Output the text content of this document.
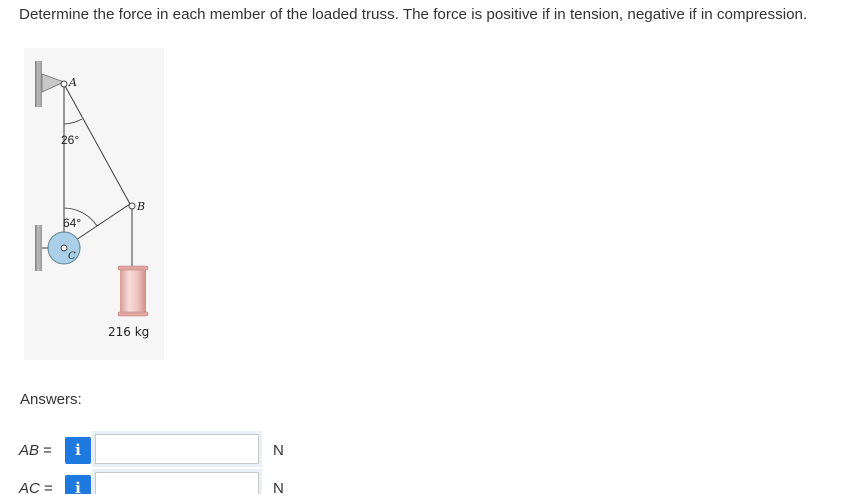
Determine the force in each member of the loaded truss. The force is positive if in tension, negative if in compression.
A
B
C
26°
64°
216 kg
Answers:
AB =	i	N
AC =	i	N
